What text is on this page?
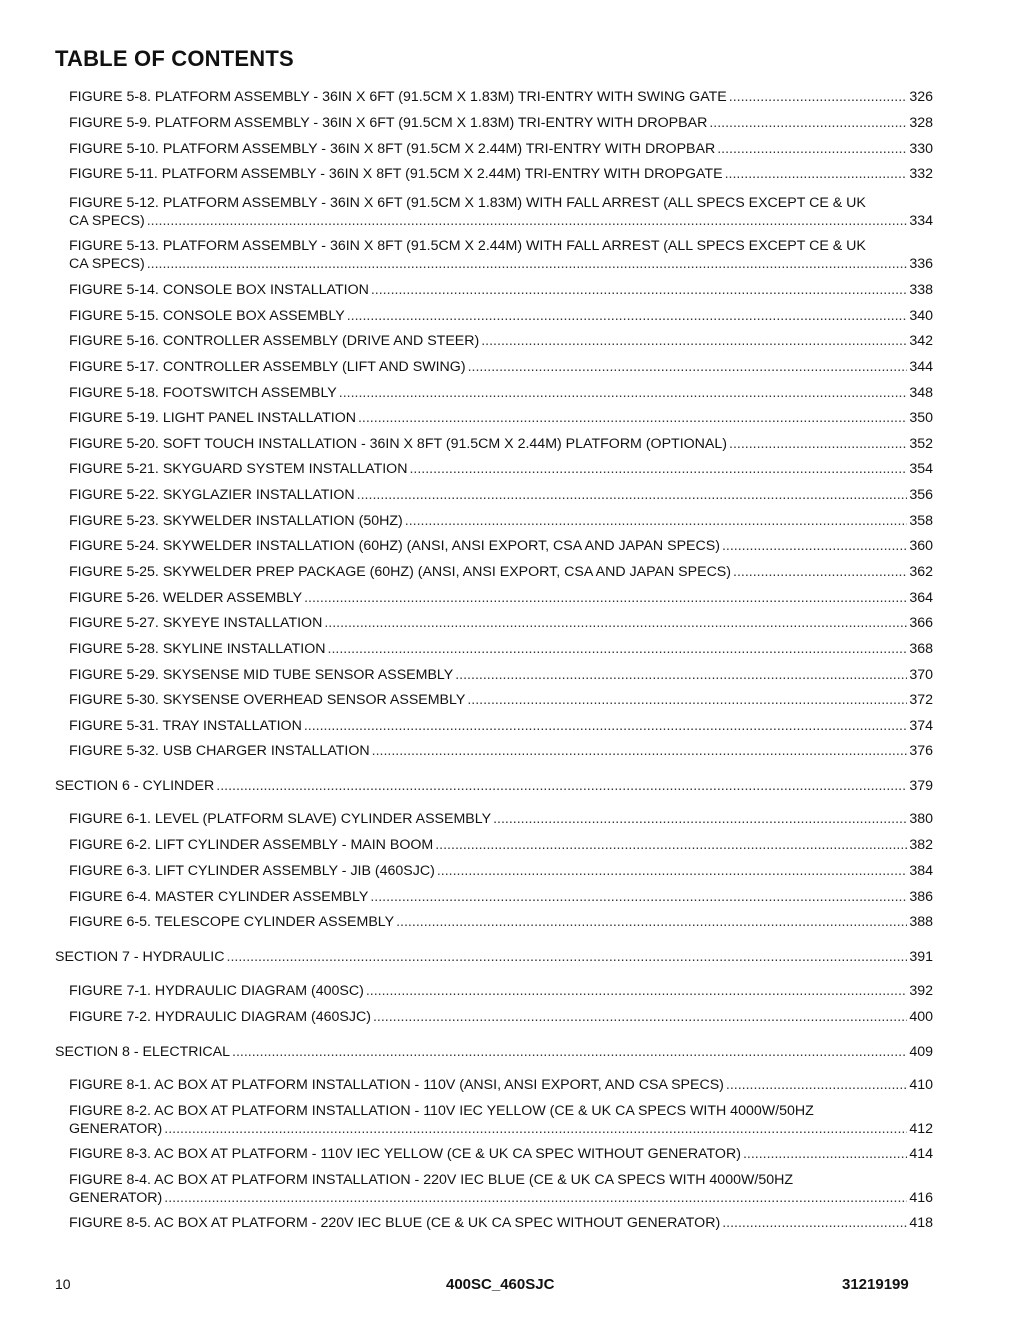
TABLE OF CONTENTS
FIGURE 5-8. PLATFORM ASSEMBLY - 36IN X 6FT (91.5CM X 1.83M) TRI-ENTRY WITH SWING GATE .....	326
FIGURE 5-9. PLATFORM ASSEMBLY - 36IN X 6FT (91.5CM X 1.83M) TRI-ENTRY WITH DROPBAR .....	328
FIGURE 5-10. PLATFORM ASSEMBLY - 36IN X 8FT (91.5CM X 2.44M) TRI-ENTRY WITH DROPBAR .....	330
FIGURE 5-11. PLATFORM ASSEMBLY - 36IN X 8FT (91.5CM X 2.44M) TRI-ENTRY WITH DROPGATE .....	332
FIGURE 5-12. PLATFORM ASSEMBLY - 36IN X 6FT (91.5CM X 1.83M) WITH FALL ARREST (ALL SPECS EXCEPT CE & UK
CA SPECS) .....	334
FIGURE 5-13. PLATFORM ASSEMBLY - 36IN X 8FT (91.5CM X 2.44M) WITH FALL ARREST (ALL SPECS EXCEPT CE & UK
CA SPECS) .....	336
FIGURE 5-14. CONSOLE BOX INSTALLATION .....	338
FIGURE 5-15. CONSOLE BOX ASSEMBLY .....	340
FIGURE 5-16. CONTROLLER ASSEMBLY (DRIVE AND STEER) .....	342
FIGURE 5-17. CONTROLLER ASSEMBLY (LIFT AND SWING) .....	344
FIGURE 5-18. FOOTSWITCH ASSEMBLY .....	348
FIGURE 5-19. LIGHT PANEL INSTALLATION .....	350
FIGURE 5-20. SOFT TOUCH INSTALLATION - 36IN X 8FT (91.5CM X 2.44M) PLATFORM (OPTIONAL) .....	352
FIGURE 5-21. SKYGUARD SYSTEM INSTALLATION .....	354
FIGURE 5-22. SKYGLAZIER INSTALLATION .....	356
FIGURE 5-23. SKYWELDER INSTALLATION (50HZ) .....	358
FIGURE 5-24. SKYWELDER INSTALLATION (60HZ) (ANSI, ANSI EXPORT, CSA AND JAPAN SPECS) .....	360
FIGURE 5-25. SKYWELDER PREP PACKAGE (60HZ) (ANSI, ANSI EXPORT, CSA AND JAPAN SPECS) .....	362
FIGURE 5-26. WELDER ASSEMBLY .....	364
FIGURE 5-27. SKYEYE INSTALLATION .....	366
FIGURE 5-28. SKYLINE INSTALLATION .....	368
FIGURE 5-29. SKYSENSE MID TUBE SENSOR ASSEMBLY .....	370
FIGURE 5-30. SKYSENSE OVERHEAD SENSOR ASSEMBLY .....	372
FIGURE 5-31. TRAY INSTALLATION .....	374
FIGURE 5-32. USB CHARGER INSTALLATION .....	376
SECTION 6 - CYLINDER .....	379
FIGURE 6-1. LEVEL (PLATFORM SLAVE) CYLINDER ASSEMBLY .....	380
FIGURE 6-2. LIFT CYLINDER ASSEMBLY - MAIN BOOM .....	382
FIGURE 6-3. LIFT CYLINDER ASSEMBLY - JIB (460SJC) .....	384
FIGURE 6-4. MASTER CYLINDER ASSEMBLY .....	386
FIGURE 6-5. TELESCOPE CYLINDER ASSEMBLY .....	388
SECTION 7 - HYDRAULIC .....	391
FIGURE 7-1. HYDRAULIC DIAGRAM (400SC) .....	392
FIGURE 7-2. HYDRAULIC DIAGRAM (460SJC) .....	400
SECTION 8 - ELECTRICAL .....	409
FIGURE 8-1. AC BOX AT PLATFORM INSTALLATION - 110V (ANSI, ANSI EXPORT, AND CSA SPECS) .....	410
FIGURE 8-2. AC BOX AT PLATFORM INSTALLATION - 110V IEC YELLOW (CE & UK CA SPECS WITH 4000W/50HZ
GENERATOR) .....	412
FIGURE 8-3. AC BOX AT PLATFORM - 110V IEC YELLOW (CE & UK CA SPEC WITHOUT GENERATOR) .....	414
FIGURE 8-4. AC BOX AT PLATFORM INSTALLATION - 220V IEC BLUE (CE & UK CA SPECS WITH 4000W/50HZ
GENERATOR) .....	416
FIGURE 8-5. AC BOX AT PLATFORM - 220V IEC BLUE (CE & UK CA SPEC WITHOUT GENERATOR) .....	418
10	400SC_460SJC	31219199
